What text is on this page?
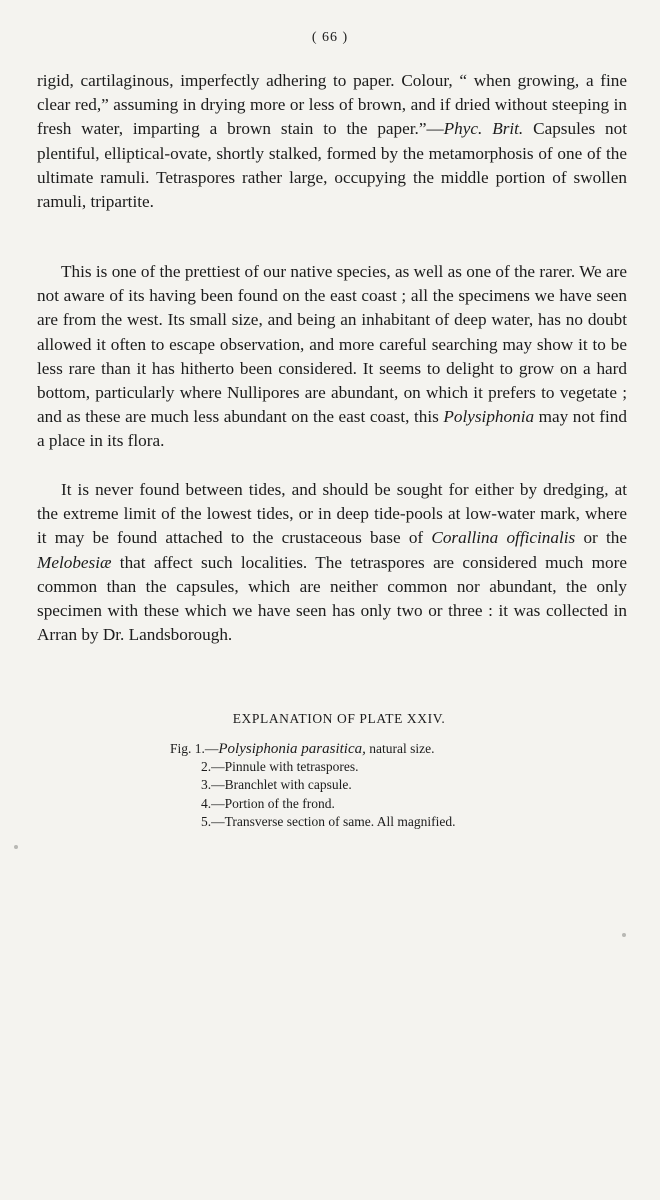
( 66 )

rigid, cartilaginous, imperfectly adhering to paper. Colour, “ when growing, a fine clear red,” assuming in drying more or less of brown, and if dried without steeping in fresh water, imparting a brown stain to the paper.”—Phyc. Brit. Capsules not plentiful, elliptical-ovate, shortly stalked, formed by the metamorphosis of one of the ultimate ramuli. Tetraspores rather large, occupying the middle portion of swollen ramuli, tripartite.

This is one of the prettiest of our native species, as well as one of the rarer. We are not aware of its having been found on the east coast ; all the specimens we have seen are from the west. Its small size, and being an inhabitant of deep water, has no doubt allowed it often to escape observation, and more careful searching may show it to be less rare than it has hitherto been considered. It seems to delight to grow on a hard bottom, particularly where Nullipores are abundant, on which it prefers to vegetate ; and as these are much less abundant on the east coast, this Polysiphonia may not find a place in its flora.

It is never found between tides, and should be sought for either by dredging, at the extreme limit of the lowest tides, or in deep tide-pools at low-water mark, where it may be found attached to the crustaceous base of Corallina officinalis or the Melobesiæ that affect such localities. The tetraspores are considered much more common than the capsules, which are neither common nor abundant, the only specimen with these which we have seen has only two or three : it was collected in Arran by Dr. Landsborough.

EXPLANATION OF PLATE XXIV.
Fig. 1.—Polysiphonia parasitica, natural size.
2.—Pinnule with tetraspores.
3.—Branchlet with capsule.
4.—Portion of the frond.
5.—Transverse section of same. All magnified.
